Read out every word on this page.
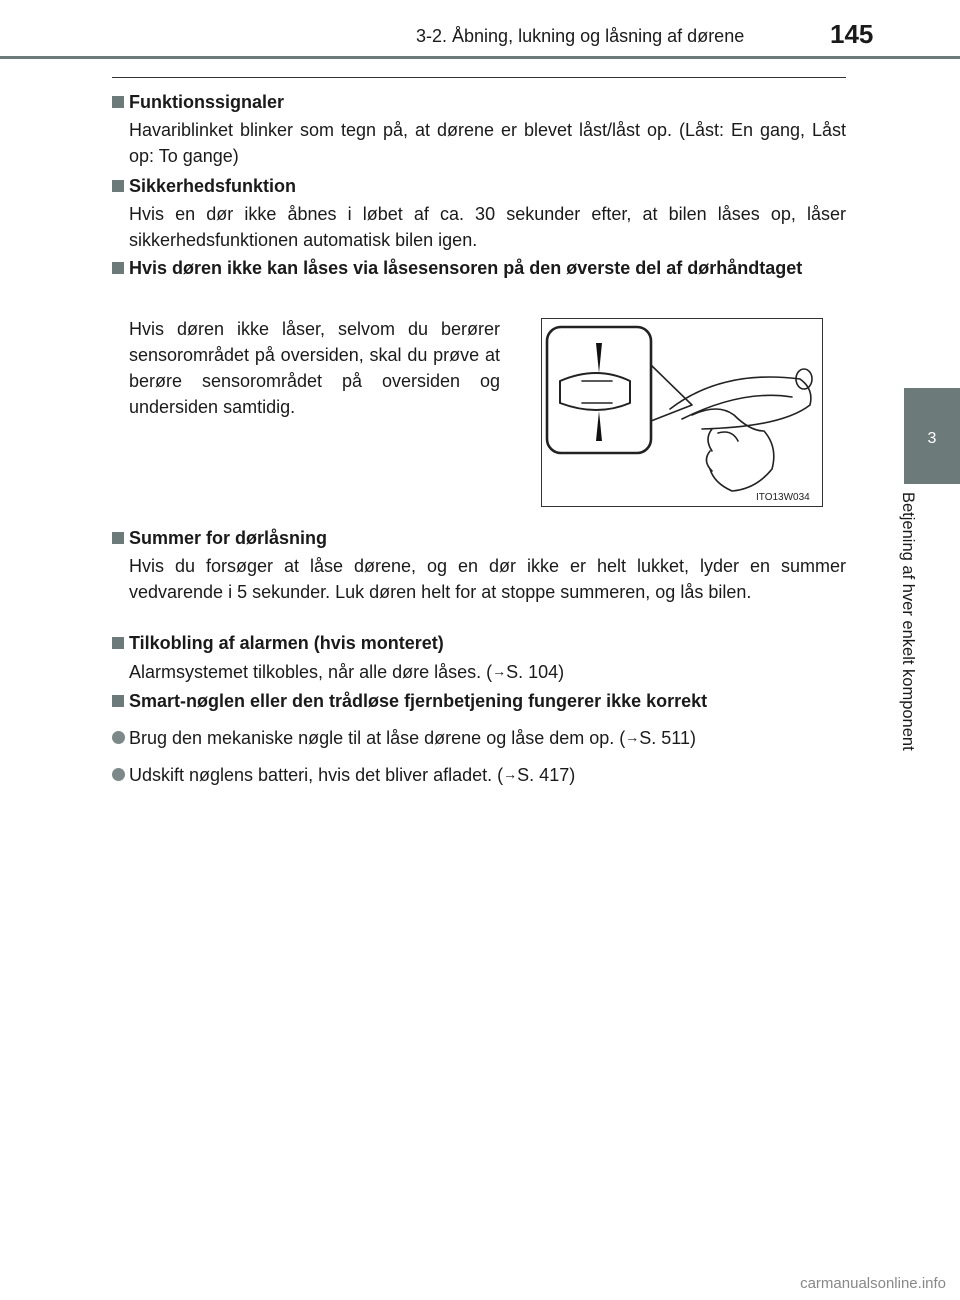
3-2. Åbning, lukning og låsning af dørene	145
3
Betjening af hver enkelt komponent
Funktionssignaler
Havariblinket blinker som tegn på, at dørene er blevet låst/låst op. (Låst: En gang, Låst op: To gange)
Sikkerhedsfunktion
Hvis en dør ikke åbnes i løbet af ca. 30 sekunder efter, at bilen låses op, låser sikkerhedsfunktionen automatisk bilen igen.
Hvis døren ikke kan låses via låsesensoren på den øverste del af dørhåndtaget
Hvis døren ikke låser, selvom du berører sensorområdet på oversiden, skal du prøve at berøre sensorområdet på oversiden og undersiden samtidig.
ITO13W034
Summer for dørlåsning
Hvis du forsøger at låse dørene, og en dør ikke er helt lukket, lyder en summer vedvarende i 5 sekunder. Luk døren helt for at stoppe summeren, og lås bilen.
Tilkobling af alarmen (hvis monteret)
Alarmsystemet tilkobles, når alle døre låses. (→S. 104)
Smart-nøglen eller den trådløse fjernbetjening fungerer ikke korrekt
Brug den mekaniske nøgle til at låse dørene og låse dem op. (→S. 511)
Udskift nøglens batteri, hvis det bliver afladet. (→S. 417)
carmanualsonline.info
